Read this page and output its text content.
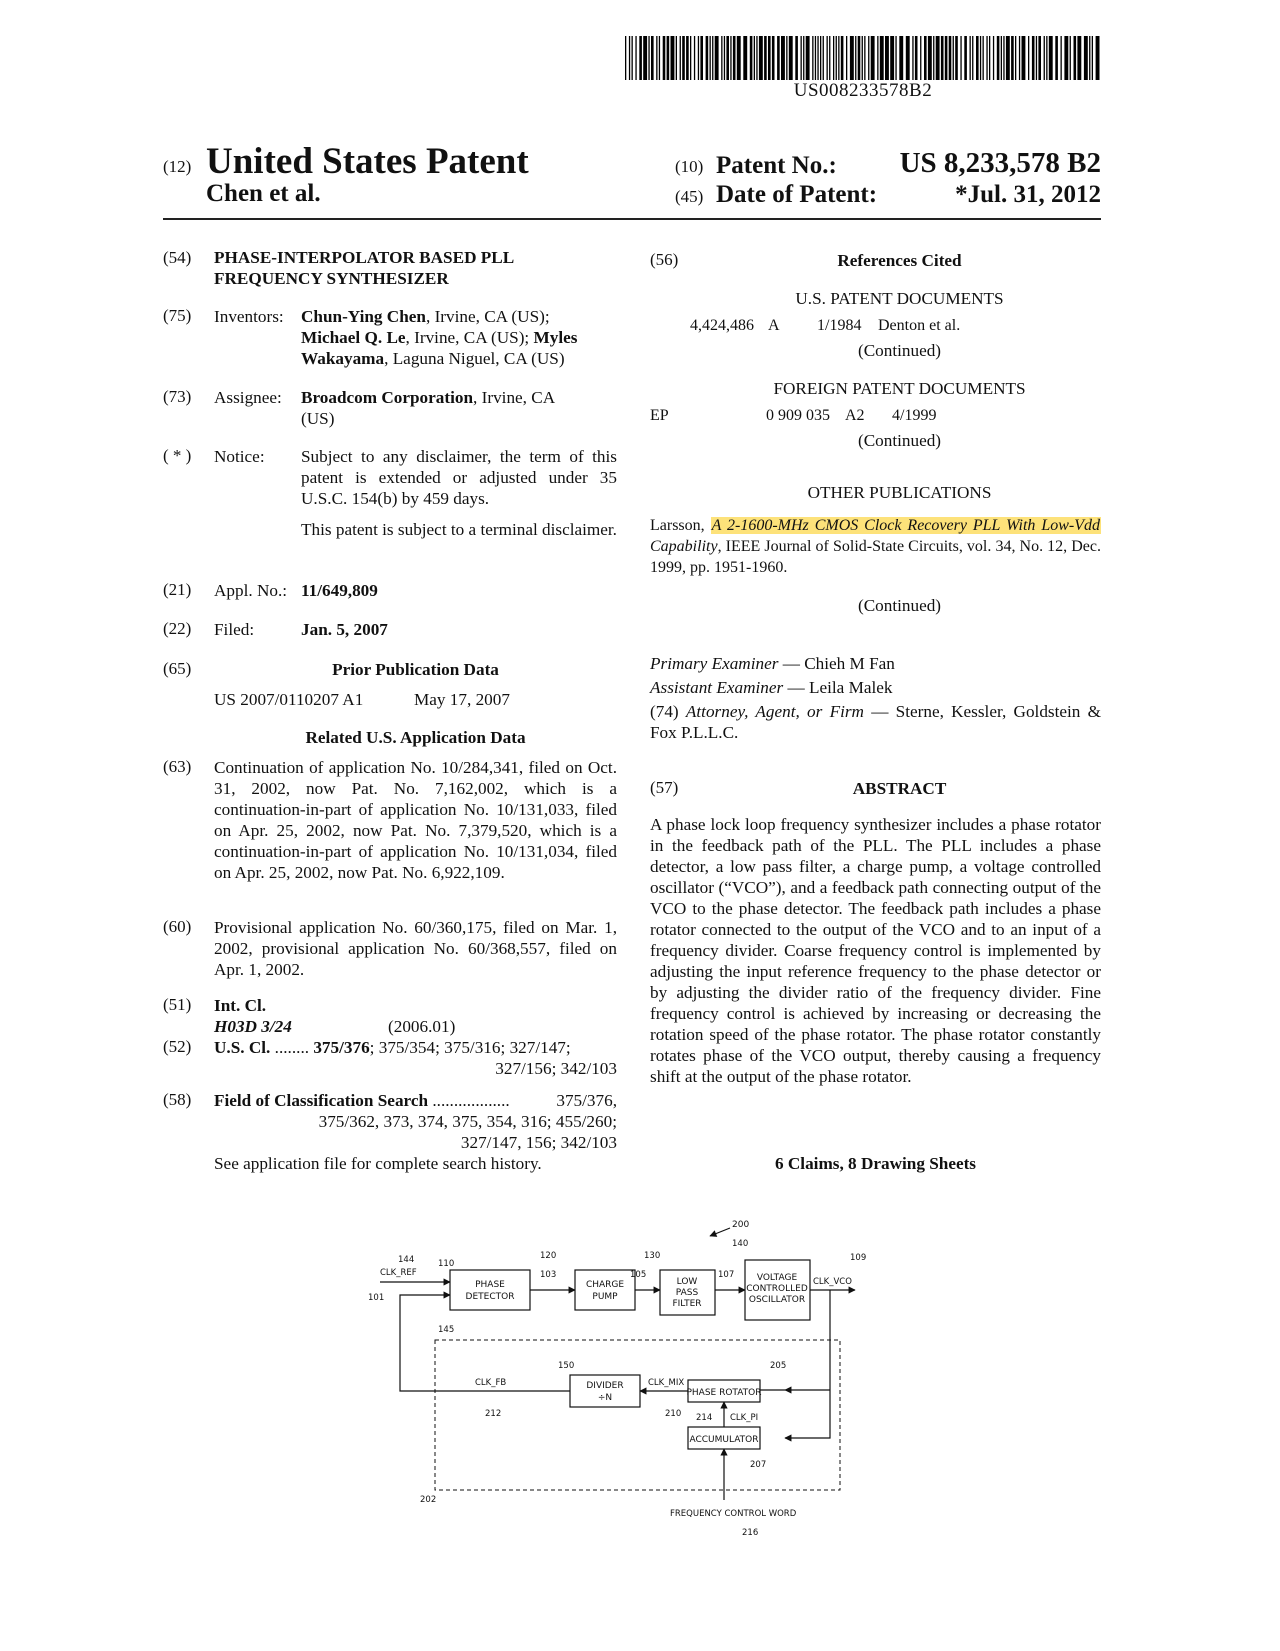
US008233578B2
(12) United States Patent
Chen et al.
(10) Patent No.: US 8,233,578 B2
(45) Date of Patent:	*Jul. 31, 2012
(54) PHASE-INTERPOLATOR BASED PLL
FREQUENCY SYNTHESIZER
(75) Inventors: Chun-Ying Chen, Irvine, CA (US);
Michael Q. Le, Irvine, CA (US); Myles
Wakayama, Laguna Niguel, CA (US)
(73) Assignee: Broadcom Corporation, Irvine, CA
(US)
( * ) Notice: Subject to any disclaimer, the term of this patent is extended or adjusted under 35 U.S.C. 154(b) by 459 days.
This patent is subject to a terminal disclaimer.
(21) Appl. No.: 11/649,809
(22) Filed:	Jan. 5, 2007
(65)	Prior Publication Data
US 2007/0110207 A1	May 17, 2007
Related U.S. Application Data
(63) Continuation of application No. 10/284,341, filed on Oct. 31, 2002, now Pat. No. 7,162,002, which is a continuation-in-part of application No. 10/131,033, filed on Apr. 25, 2002, now Pat. No. 7,379,520, which is a continuation-in-part of application No. 10/131,034, filed on Apr. 25, 2002, now Pat. No. 6,922,109.
(60) Provisional application No. 60/360,175, filed on Mar. 1, 2002, provisional application No. 60/368,557, filed on Apr. 1, 2002.
(51) Int. Cl.
H03D 3/24	(2006.01)
(52) U.S. Cl. ........ 375/376; 375/354; 375/316; 327/147;
327/156; 342/103
(58) Field of Classification Search ..................	375/376,
375/362, 373, 374, 375, 354, 316; 455/260;
327/147, 156; 342/103
See application file for complete search history.
(56)	References Cited
U.S. PATENT DOCUMENTS
4,424,486 A 1/1984 Denton et al.
(Continued)
FOREIGN PATENT DOCUMENTS
EP	0 909 035 A2 4/1999
(Continued)
OTHER PUBLICATIONS
Larsson, A 2-1600-MHz CMOS Clock Recovery PLL With Low-Vdd Capability, IEEE Journal of Solid-State Circuits, vol. 34, No. 12, Dec. 1999, pp. 1951-1960.
(Continued)
Primary Examiner — Chieh M Fan
Assistant Examiner — Leila Malek
(74) Attorney, Agent, or Firm — Sterne, Kessler, Goldstein & Fox P.L.L.C.
(57)	ABSTRACT
A phase lock loop frequency synthesizer includes a phase rotator in the feedback path of the PLL. The PLL includes a phase detector, a low pass filter, a charge pump, a voltage controlled oscillator (“VCO”), and a feedback path connecting output of the VCO to the phase detector. The feedback path includes a phase rotator connected to the output of the VCO and to an input of a frequency divider. Coarse frequency control is implemented by adjusting the input reference frequency to the phase detector or by adjusting the divider ratio of the frequency divider. Fine frequency control is achieved by increasing or decreasing the rotation speed of the phase rotator. The phase rotator constantly rotates phase of the VCO output, thereby causing a frequency shift at the output of the phase rotator.
6 Claims, 8 Drawing Sheets
200
PHASE
DETECTOR
CHARGE
PUMP
LOW
PASS
FILTER
VOLTAGE
CONTROLLED
OSCILLATOR
DIVIDER
÷N	PHASE ROTATOR
ACCUMULATOR
CLK_REF
144
101
110
103
120
105
130
107
140
109
CLK_VCO
145
150
CLK_FB
212
CLK_MIX
210
205
214 CLK_PI
207
202
FREQUENCY CONTROL WORD
216
